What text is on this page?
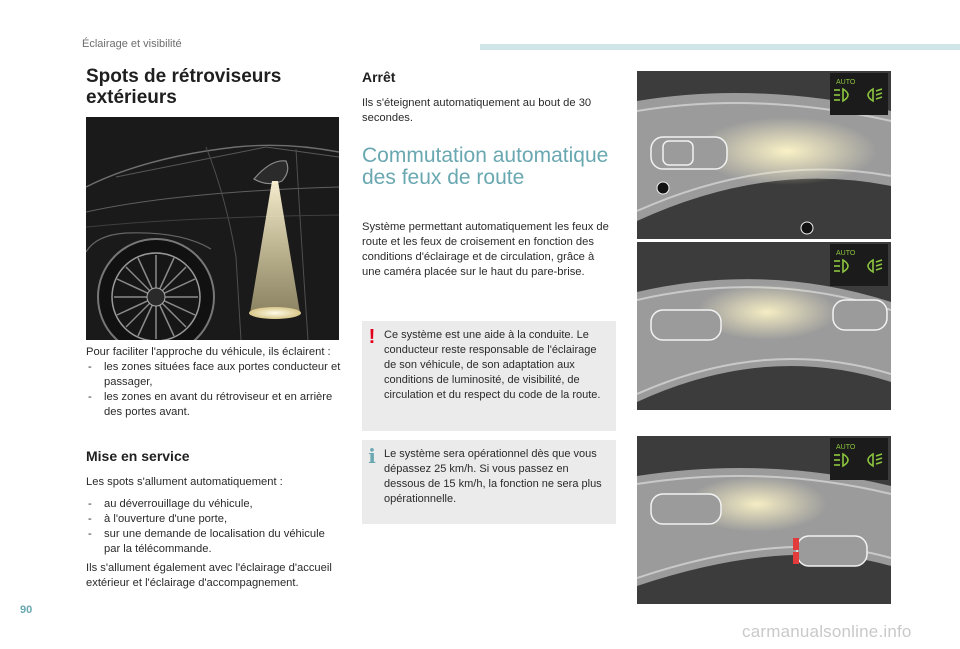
Éclairage et visibilité
Spots de rétroviseurs extérieurs
Pour faciliter l'approche du véhicule, ils éclairent :
- les zones situées face aux portes conducteur et passager,
- les zones en avant du rétroviseur et en arrière des portes avant.
Mise en service
Les spots s'allument automatiquement :
- au déverrouillage du véhicule,
- à l'ouverture d'une porte,
- sur une demande de localisation du véhicule par la télécommande.
Ils s'allument également avec l'éclairage d'accueil extérieur et l'éclairage d'accompagnement.
Arrêt
Ils s'éteignent automatiquement au bout de 30 secondes.
Commutation automatique des feux de route
Système permettant automatiquement les feux de route et les feux de croisement en fonction des conditions d'éclairage et de circulation, grâce à une caméra placée sur le haut du pare-brise.
! Ce système est une aide à la conduite. Le conducteur reste responsable de l'éclairage de son véhicule, de son adaptation aux conditions de luminosité, de visibilité, de circulation et du respect du code de la route.
i Le système sera opérationnel dès que vous dépassez 25 km/h. Si vous passez en dessous de 15 km/h, la fonction ne sera plus opérationnelle.
AUTO
AUTO
AUTO
90
carmanualsonline.info
